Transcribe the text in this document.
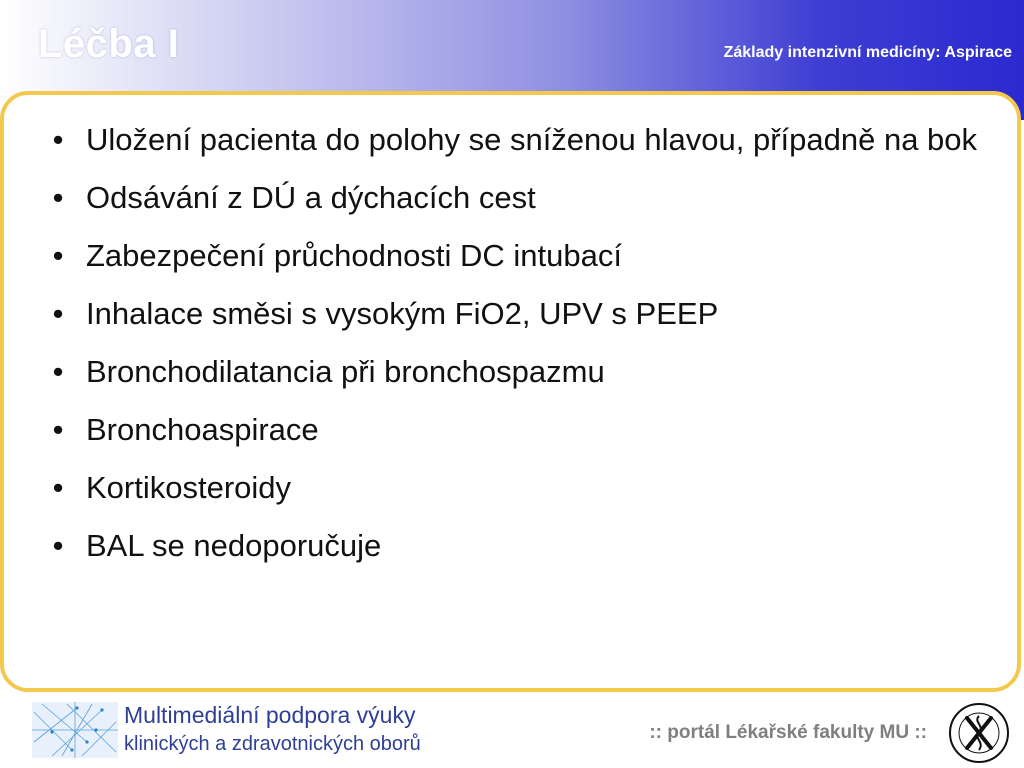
Léčba I	Základy intenzivní medicíny: Aspirace
• Uložení pacienta do polohy se sníženou hlavou, případně na bok
• Odsávání z DÚ a dýchacích cest
• Zabezpečení průchodnosti DC intubací
• Inhalace směsi s vysokým FiO2, UPV s PEEP
• Bronchodilatancia při bronchospazmu
• Bronchoaspirace
• Kortikosteroidy
• BAL se nedoporučuje
Multimediální podpora výuky
klinických a zdravotnických oborů
:: portál Lékařské fakulty MU ::
